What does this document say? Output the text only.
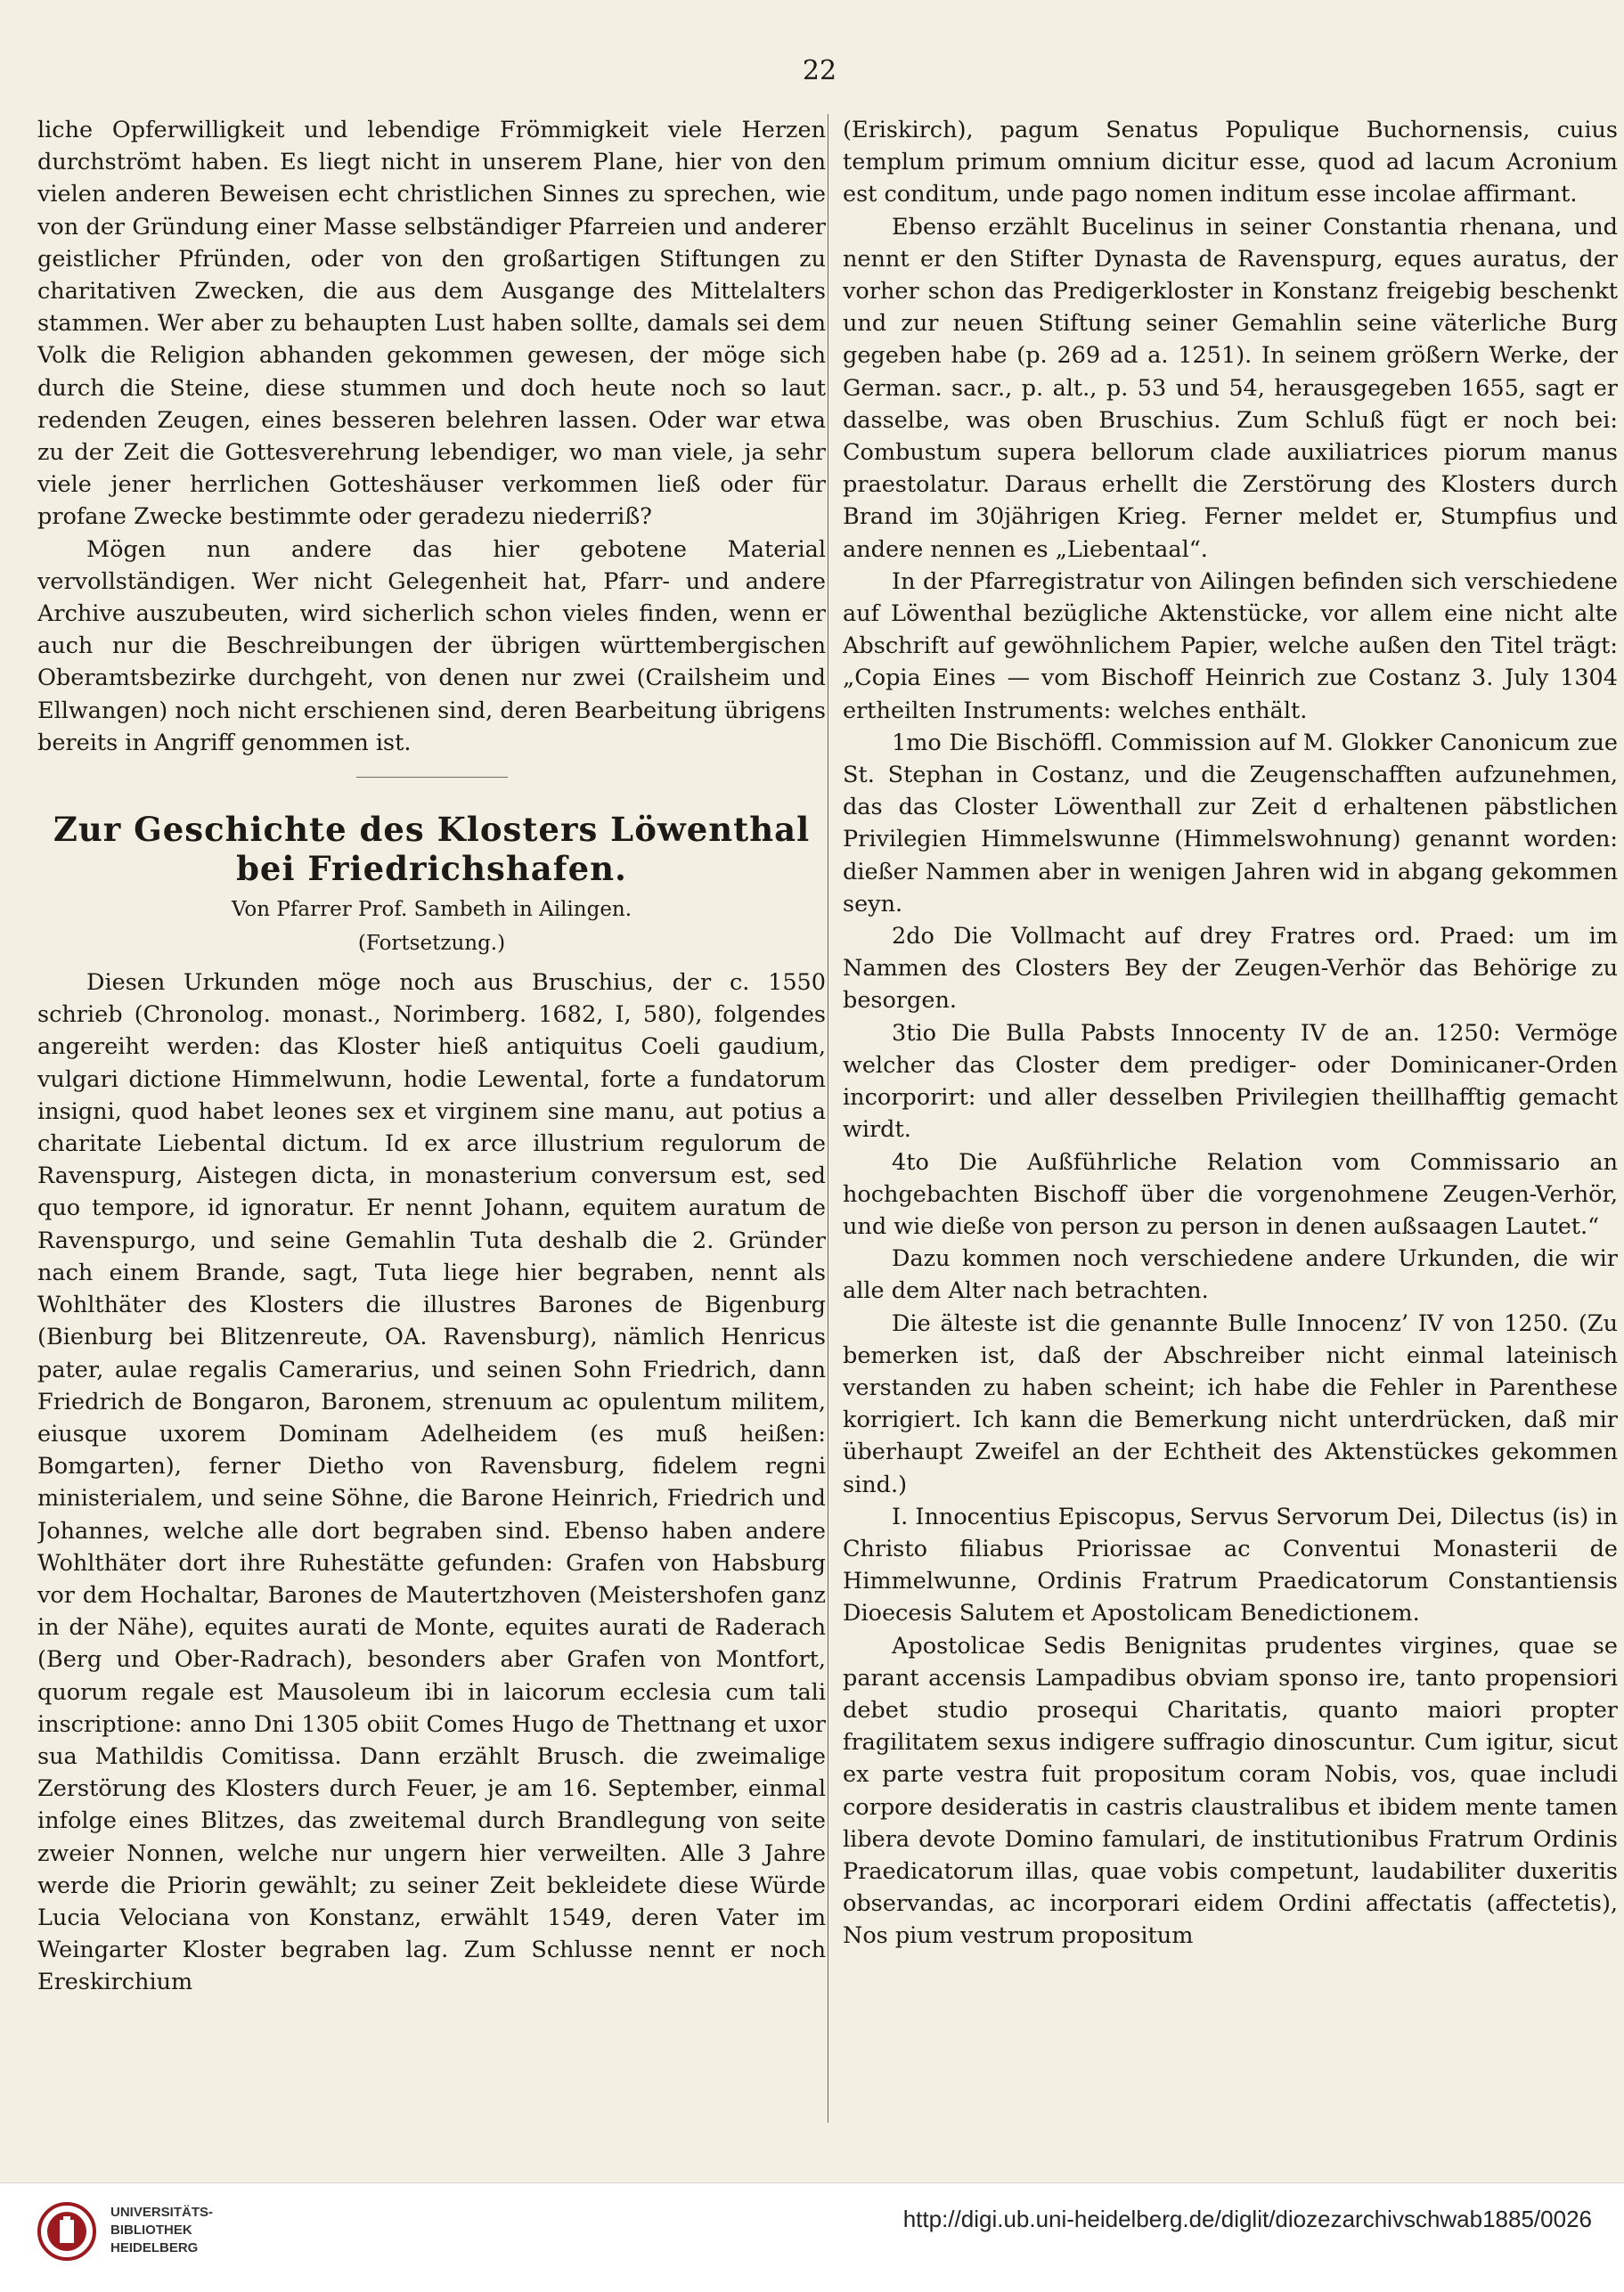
22

liche Opferwilligkeit und lebendige Frömmigkeit viele Herzen durchströmt haben. Es liegt nicht in unserem Plane, hier von den vielen anderen Beweisen echt christlichen Sinnes zu sprechen, wie von der Gründung einer Masse selbständiger Pfarreien und anderer geistlicher Pfründen, oder von den großartigen Stiftungen zu charitativen Zwecken, die aus dem Ausgange des Mittelalters stammen. Wer aber zu behaupten Lust haben sollte, damals sei dem Volk die Religion abhanden gekommen gewesen, der möge sich durch die Steine, diese stummen und doch heute noch so laut redenden Zeugen, eines besseren belehren lassen. Oder war etwa zu der Zeit die Gottesverehrung lebendiger, wo man viele, ja sehr viele jener herrlichen Gotteshäuser verkommen ließ oder für profane Zwecke bestimmte oder geradezu niederriß?

Mögen nun andere das hier gebotene Material vervollständigen. Wer nicht Gelegenheit hat, Pfarr- und andere Archive auszubeuten, wird sicherlich schon vieles finden, wenn er auch nur die Beschreibungen der übrigen württembergischen Oberamtsbezirke durchgeht, von denen nur zwei (Crailsheim und Ellwangen) noch nicht erschienen sind, deren Bearbeitung übrigens bereits in Angriff genommen ist.

Zur Geschichte des Klosters Löwenthal bei Friedrichshafen.
Von Pfarrer Prof. Sambeth in Ailingen.
(Fortsetzung.)

Diesen Urkunden möge noch aus Bruschius, der c. 1550 schrieb (Chronolog. monast., Norimberg. 1682, I, 580), folgendes angereiht werden: das Kloster hieß antiquitus Coeli gaudium, vulgari dictione Himmelwunn, hodie Lewental, forte a fundatorum insigni, quod habet leones sex et virginem sine manu, aut potius a charitate Liebental dictum. Id ex arce illustrium regulorum de Ravenspurg, Aistegen dicta, in monasterium conversum est, sed quo tempore, id ignoratur. Er nennt Johann, equitem auratum de Ravenspurgo, und seine Gemahlin Tuta deshalb die 2. Gründer nach einem Brande, sagt, Tuta liege hier begraben, nennt als Wohlthäter des Klosters die illustres Barones de Bigenburg (Bienburg bei Blitzenreute, OA. Ravensburg), nämlich Henricus pater, aulae regalis Camerarius, und seinen Sohn Friedrich, dann Friedrich de Bongaron, Baronem, strenuum ac opulentum militem, eiusque uxorem Dominam Adelheidem (es muß heißen: Bomgarten), ferner Dietho von Ravensburg, fidelem regni ministerialem, und seine Söhne, die Barone Heinrich, Friedrich und Johannes, welche alle dort begraben sind. Ebenso haben andere Wohlthäter dort ihre Ruhestätte gefunden: Grafen von Habsburg vor dem Hochaltar, Barones de Mautertzhoven (Meistershofen ganz in der Nähe), equites aurati de Monte, equites aurati de Raderach (Berg und Ober-Radrach), besonders aber Grafen von Montfort, quorum regale est Mausoleum ibi in laicorum ecclesia cum tali inscriptione: anno Dni 1305 obiit Comes Hugo de Thettnang et uxor sua Mathildis Comitissa. Dann erzählt Brusch. die zweimalige Zerstörung des Klosters durch Feuer, je am 16. September, einmal infolge eines Blitzes, das zweitemal durch Brandlegung von seite zweier Nonnen, welche nur ungern hier verweilten. Alle 3 Jahre werde die Priorin gewählt; zu seiner Zeit bekleidete diese Würde Lucia Velociana von Konstanz, erwählt 1549, deren Vater im Weingarter Kloster begraben lag. Zum Schlusse nennt er noch Ereskirchium

(Eriskirch), pagum Senatus Populique Buchornensis, cuius templum primum omnium dicitur esse, quod ad lacum Acronium est conditum, unde pago nomen inditum esse incolae affirmant.

Ebenso erzählt Bucelinus in seiner Constantia rhenana, und nennt er den Stifter Dynasta de Ravenspurg, eques auratus, der vorher schon das Predigerkloster in Konstanz freigebig beschenkt und zur neuen Stiftung seiner Gemahlin seine väterliche Burg gegeben habe (p. 269 ad a. 1251). In seinem größern Werke, der German. sacr., p. alt., p. 53 und 54, herausgegeben 1655, sagt er dasselbe, was oben Bruschius. Zum Schluß fügt er noch bei: Combustum supera bellorum clade auxiliatrices piorum manus praestolatur. Daraus erhellt die Zerstörung des Klosters durch Brand im 30jährigen Krieg. Ferner meldet er, Stumpfius und andere nennen es „Liebentaal“.

In der Pfarregistratur von Ailingen befinden sich verschiedene auf Löwenthal bezügliche Aktenstücke, vor allem eine nicht alte Abschrift auf gewöhnlichem Papier, welche außen den Titel trägt: „Copia Eines — vom Bischoff Heinrich zue Costanz 3. July 1304 ertheilten Instruments: welches enthält.

1mo Die Bischöffl. Commission auf M. Glokker Canonicum zue St. Stephan in Costanz, und die Zeugenschafften aufzunehmen, das das Closter Löwenthall zur Zeit d erhaltenen päbstlichen Privilegien Himmelswunne (Himmelswohnung) genannt worden: dießer Nammen aber in wenigen Jahren wid in abgang gekommen seyn.

2do Die Vollmacht auf drey Fratres ord. Praed: um im Nammen des Closters Bey der Zeugen-Verhör das Behörige zu besorgen.

3tio Die Bulla Pabsts Innocenty IV de an. 1250: Vermöge welcher das Closter dem prediger- oder Dominicaner-Orden incorporirt: und aller desselben Privilegien theillhafftig gemacht wirdt.

4to Die Außführliche Relation vom Commissario an hochgebachten Bischoff über die vorgenohmene Zeugen-Verhör, und wie dieße von person zu person in denen außsaagen Lautet.“

Dazu kommen noch verschiedene andere Urkunden, die wir alle dem Alter nach betrachten.

Die älteste ist die genannte Bulle Innocenz’ IV von 1250. (Zu bemerken ist, daß der Abschreiber nicht einmal lateinisch verstanden zu haben scheint; ich habe die Fehler in Parenthese korrigiert. Ich kann die Bemerkung nicht unterdrücken, daß mir überhaupt Zweifel an der Echtheit des Aktenstückes gekommen sind.)

I. Innocentius Episcopus, Servus Servorum Dei, Dilectus (is) in Christo filiabus Priorissae ac Conventui Monasterii de Himmelwunne, Ordinis Fratrum Praedicatorum Constantiensis Dioecesis Salutem et Apostolicam Benedictionem.

Apostolicae Sedis Benignitas prudentes virgines, quae se parant accensis Lampadibus obviam sponso ire, tanto propensiori debet studio prosequi Charitatis, quanto maiori propter fragilitatem sexus indigere suffragio dinoscuntur. Cum igitur, sicut ex parte vestra fuit propositum coram Nobis, vos, quae includi corpore desideratis in castris claustralibus et ibidem mente tamen libera devote Domino famulari, de institutionibus Fratrum Ordinis Praedicatorum illas, quae vobis competunt, laudabiliter duxeritis observandas, ac incorporari eidem Ordini affectatis (affectetis), Nos pium vestrum propositum

UNIVERSITÄTS-
BIBLIOTHEK
HEIDELBERG
http://digi.ub.uni-heidelberg.de/diglit/diozezarchivschwab1885/0026
